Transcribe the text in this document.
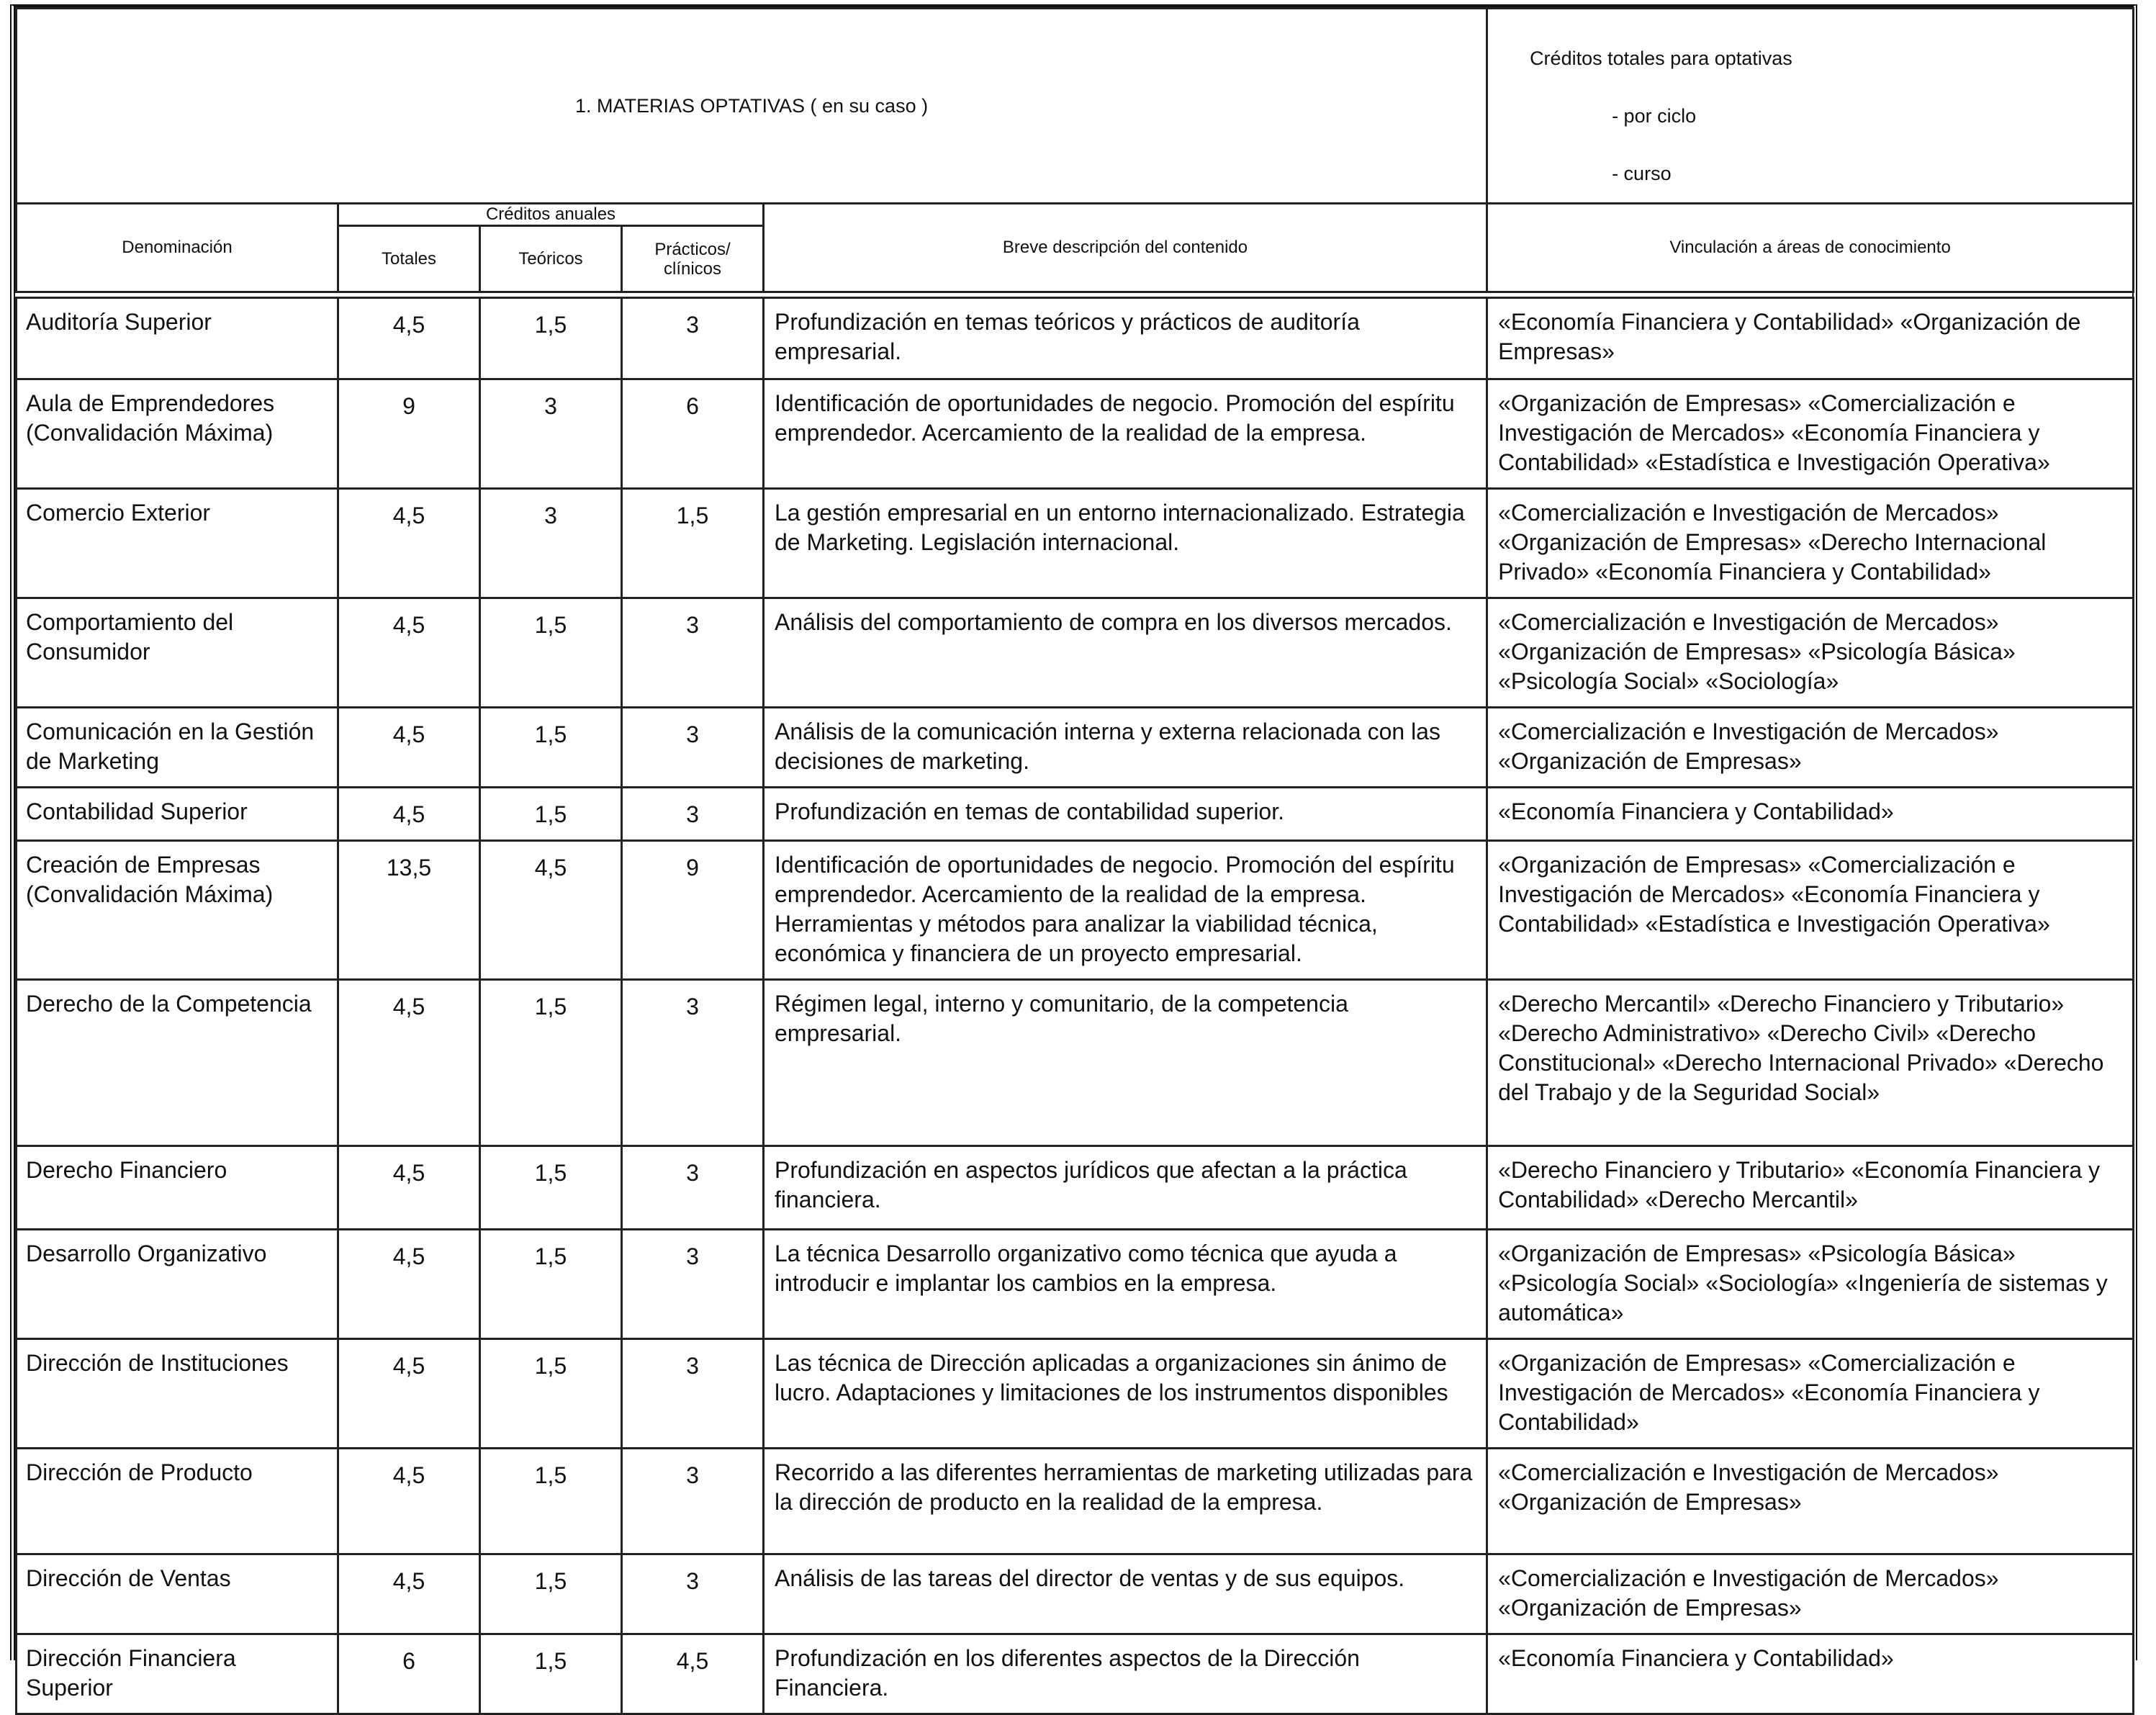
1. MATERIAS OPTATIVAS ( en su caso )					Créditos totales para optativas
- por ciclo
- curso

Denominación	Créditos anuales			Breve descripción del contenido	Vinculación a áreas de conocimiento
	Totales	Teóricos	Prácticos/ clínicos		

Auditoría Superior	4,5	1,5	3	Profundización en temas teóricos y prácticos de auditoría empresarial.	«Economía Financiera y Contabilidad» «Organización de Empresas»
Aula de Emprendedores (Convalidación Máxima)	9	3	6	Identificación de oportunidades de negocio. Promoción del espíritu emprendedor. Acercamiento de la realidad de la empresa.	«Organización de Empresas» «Comercialización e Investigación de Mercados» «Economía Financiera y Contabilidad» «Estadística e Investigación Operativa»
Comercio Exterior	4,5	3	1,5	La gestión empresarial en un entorno internacionalizado. Estrategia de Marketing. Legislación internacional.	«Comercialización e Investigación de Mercados» «Organización de Empresas» «Derecho Internacional Privado» «Economía Financiera y Contabilidad»
Comportamiento del Consumidor	4,5	1,5	3	Análisis del comportamiento de compra en los diversos mercados.	«Comercialización e Investigación de Mercados» «Organización de Empresas» «Psicología Básica» «Psicología Social» «Sociología»
Comunicación en la Gestión de Marketing	4,5	1,5	3	Análisis de la comunicación interna y externa relacionada con las decisiones de marketing.	«Comercialización e Investigación de Mercados» «Organización de Empresas»
Contabilidad Superior	4,5	1,5	3	Profundización en temas de contabilidad superior.	«Economía Financiera y Contabilidad»
Creación de Empresas (Convalidación Máxima)	13,5	4,5	9	Identificación de oportunidades de negocio. Promoción del espíritu emprendedor. Acercamiento de la realidad de la empresa. Herramientas y métodos para analizar la viabilidad técnica, económica y financiera de un proyecto empresarial.	«Organización de Empresas» «Comercialización e Investigación de Mercados» «Economía Financiera y Contabilidad» «Estadística e Investigación Operativa»
Derecho de la Competencia	4,5	1,5	3	Régimen legal, interno y comunitario, de la competencia empresarial.	«Derecho Mercantil» «Derecho Financiero y Tributario» «Derecho Administrativo» «Derecho Civil» «Derecho Constitucional» «Derecho Internacional Privado» «Derecho del Trabajo y de la Seguridad Social»
Derecho Financiero	4,5	1,5	3	Profundización en aspectos jurídicos que afectan a la práctica financiera.	«Derecho Financiero y Tributario» «Economía Financiera y Contabilidad» «Derecho Mercantil»
Desarrollo Organizativo	4,5	1,5	3	La técnica Desarrollo organizativo como técnica que ayuda a introducir e implantar los cambios en la empresa.	«Organización de Empresas» «Psicología Básica» «Psicología Social» «Sociología» «Ingeniería de sistemas y automática»
Dirección de Instituciones	4,5	1,5	3	Las técnica de Dirección aplicadas a organizaciones sin ánimo de lucro. Adaptaciones y limitaciones de los instrumentos disponibles	«Organización de Empresas» «Comercialización e Investigación de Mercados» «Economía Financiera y Contabilidad»
Dirección de Producto	4,5	1,5	3	Recorrido a las diferentes herramientas de marketing utilizadas para la dirección de producto en la realidad de la empresa.	«Comercialización e Investigación de Mercados» «Organización de Empresas»
Dirección de Ventas	4,5	1,5	3	Análisis de las tareas del director de ventas y de sus equipos.	«Comercialización e Investigación de Mercados» «Organización de Empresas»
Dirección Financiera Superior	6	1,5	4,5	Profundización en los diferentes aspectos de la Dirección Financiera.	«Economía Financiera y Contabilidad»
